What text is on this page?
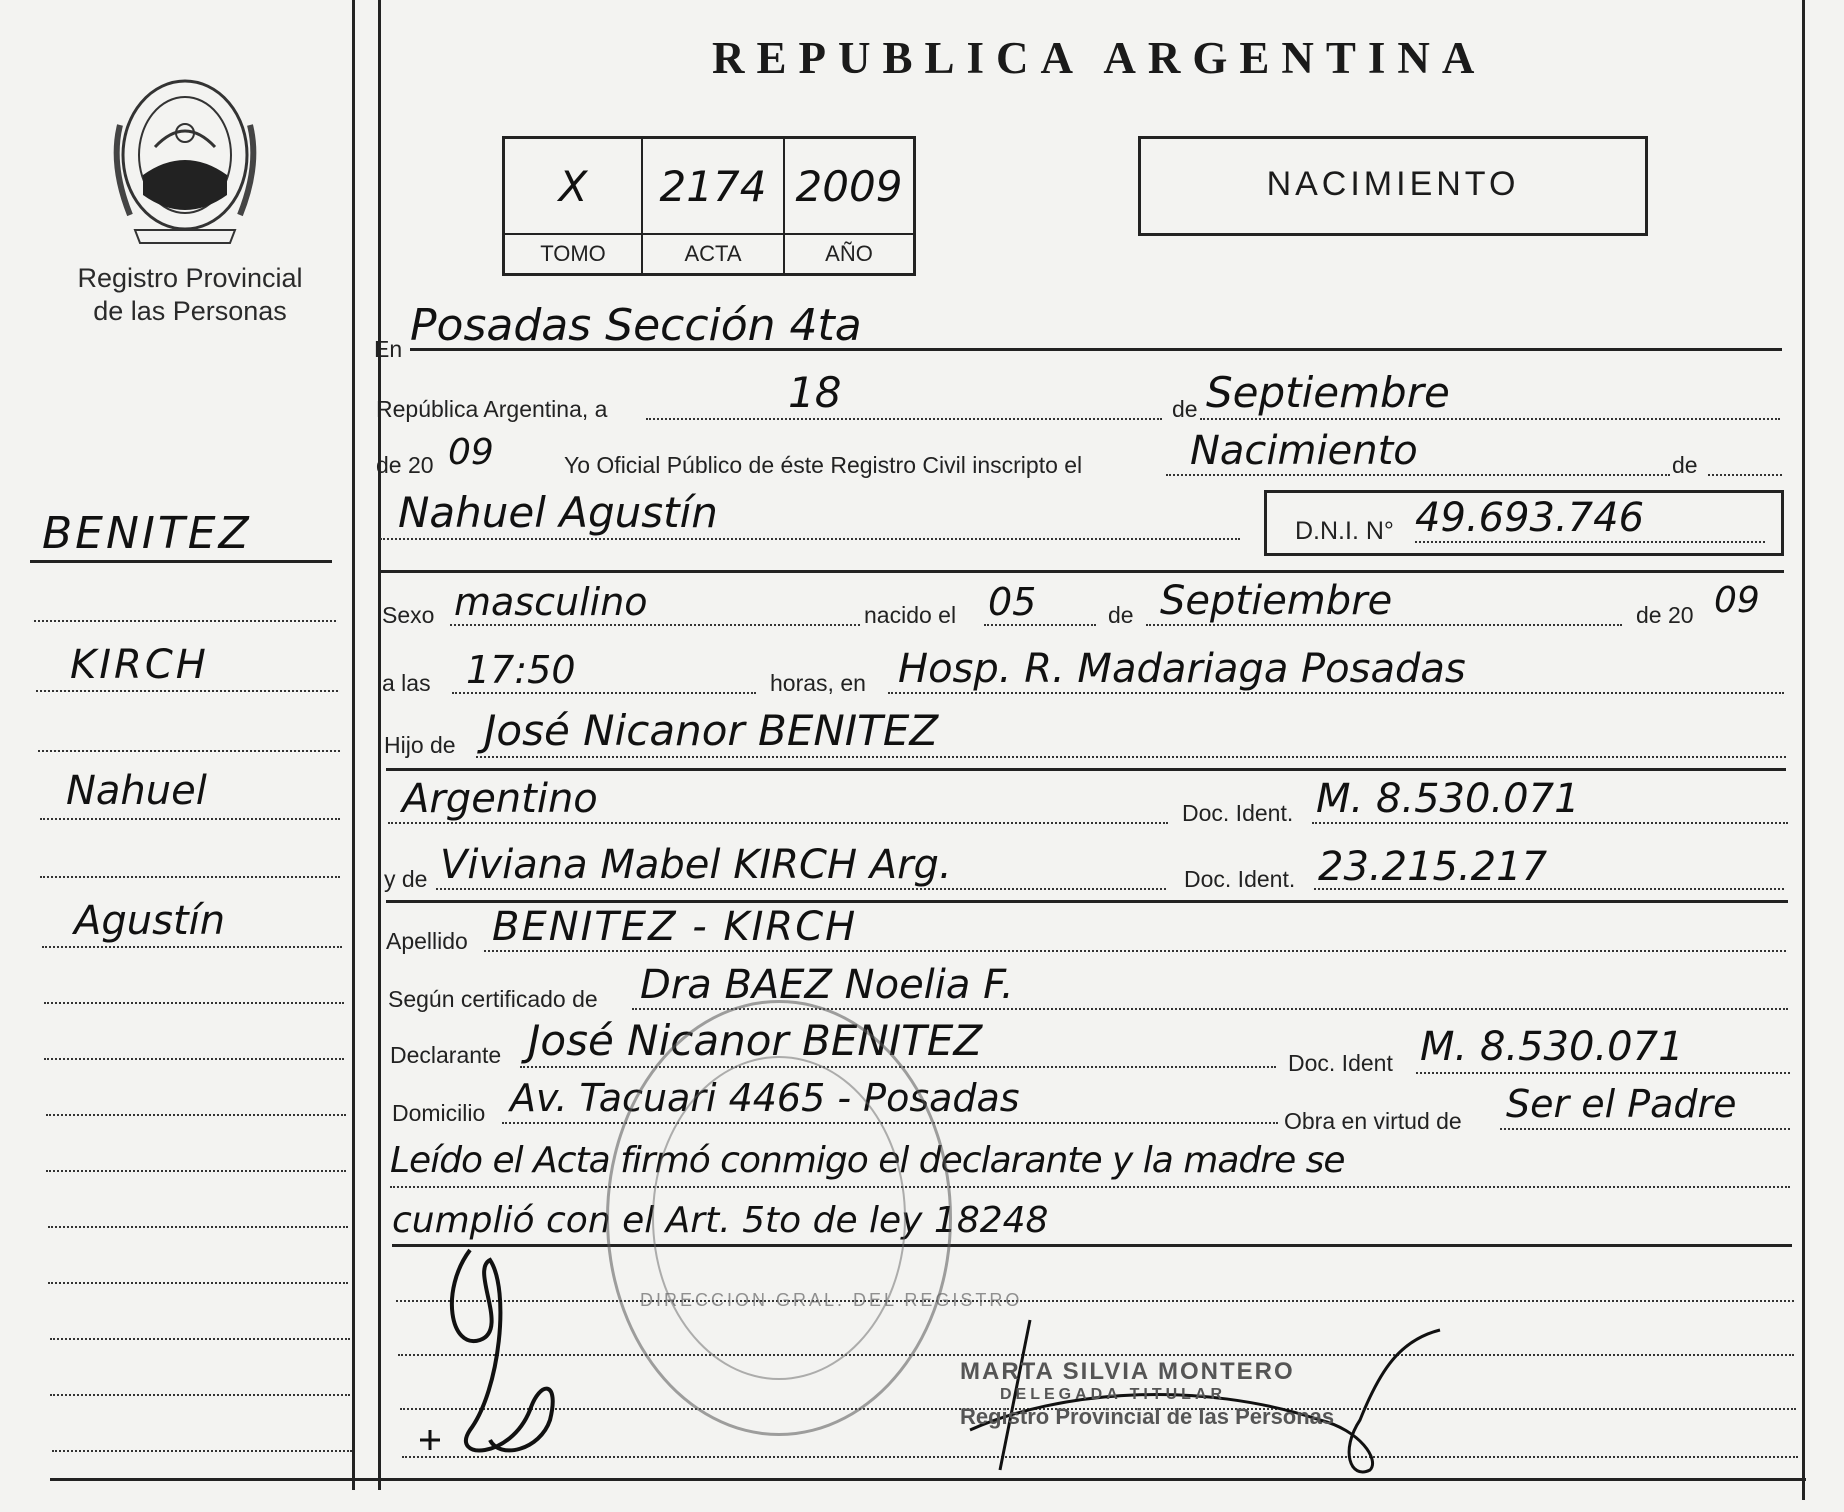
Registro Provincial
de las Personas
REPUBLICA ARGENTINA
X	2174 2009
TOMO	ACTA	AÑO
NACIMIENTO
BENITEZ
KIRCH
Nahuel
Agustín
En Posadas Sección 4ta
República Argentina, a	18	de Septiembre
de 20 09	Yo Oficial Público de éste Registro Civil inscripto el	Nacimiento	de
Nahuel Agustín	D.N.I. N° 49.693.746
Sexo masculino	nacido el 05	de Septiembre	de 20 09
a las 17:50	horas, en Hosp. R. Madariaga Posadas
Hijo de José Nicanor BENITEZ
Argentino	Doc. Ident. M. 8.530.071
y de Viviana Mabel KIRCH Arg.	Doc. Ident. 23.215.217
Apellido BENITEZ - KIRCH
Según certificado de Dra BAEZ Noelia F.
Declarante José Nicanor BENITEZ	Doc. Ident M. 8.530.071
Domicilio Av. Tacuari 4465 - Posadas
Obra en virtud de Ser el Padre
Leído el Acta firmó conmigo el declarante y la madre se
cumplió con el Art. 5to de ley 18248
DIRECCION GRAL. DEL REGISTRO
MARTA SILVIA MONTERO
DELEGADA TITULAR
Registro Provincial de las Personas
